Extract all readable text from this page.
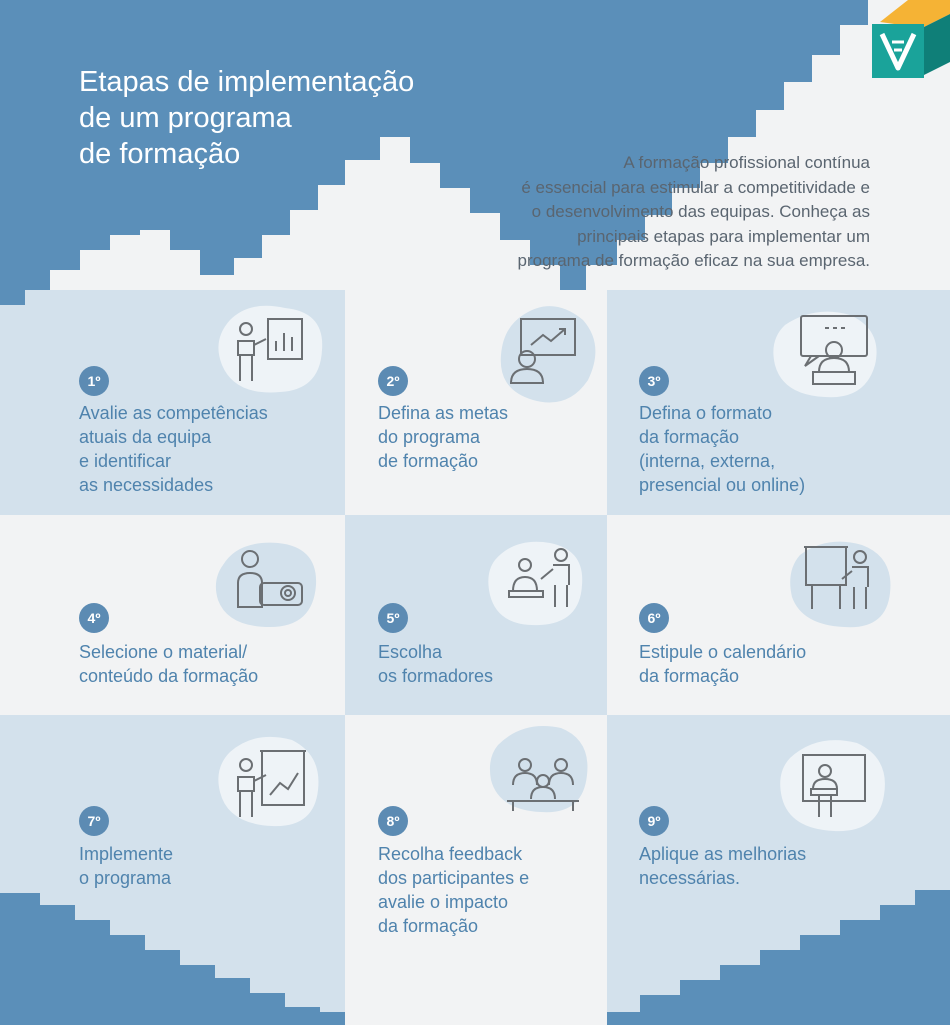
Etapas de implementação
de um programa
de formação	A formação profissional contínua
é essencial para estimular a competitividade e
o desenvolvimento das equipas. Conheça as
principais etapas para implementar um
programa de formação eficaz na sua empresa.
1º
Avalie as competências
atuais da equipa
e identificar
as necessidades
2º
Defina as metas
do programa
de formação
3º
Defina o formato
da formação
(interna, externa,
presencial ou online)
4º
Selecione o material/
conteúdo da formação
5º
Escolha
os formadores
6º
Estipule o calendário
da formação
7º
Implemente
o programa
8º
Recolha feedback
dos participantes e
avalie o impacto
da formação
9º
Aplique as melhorias
necessárias.
